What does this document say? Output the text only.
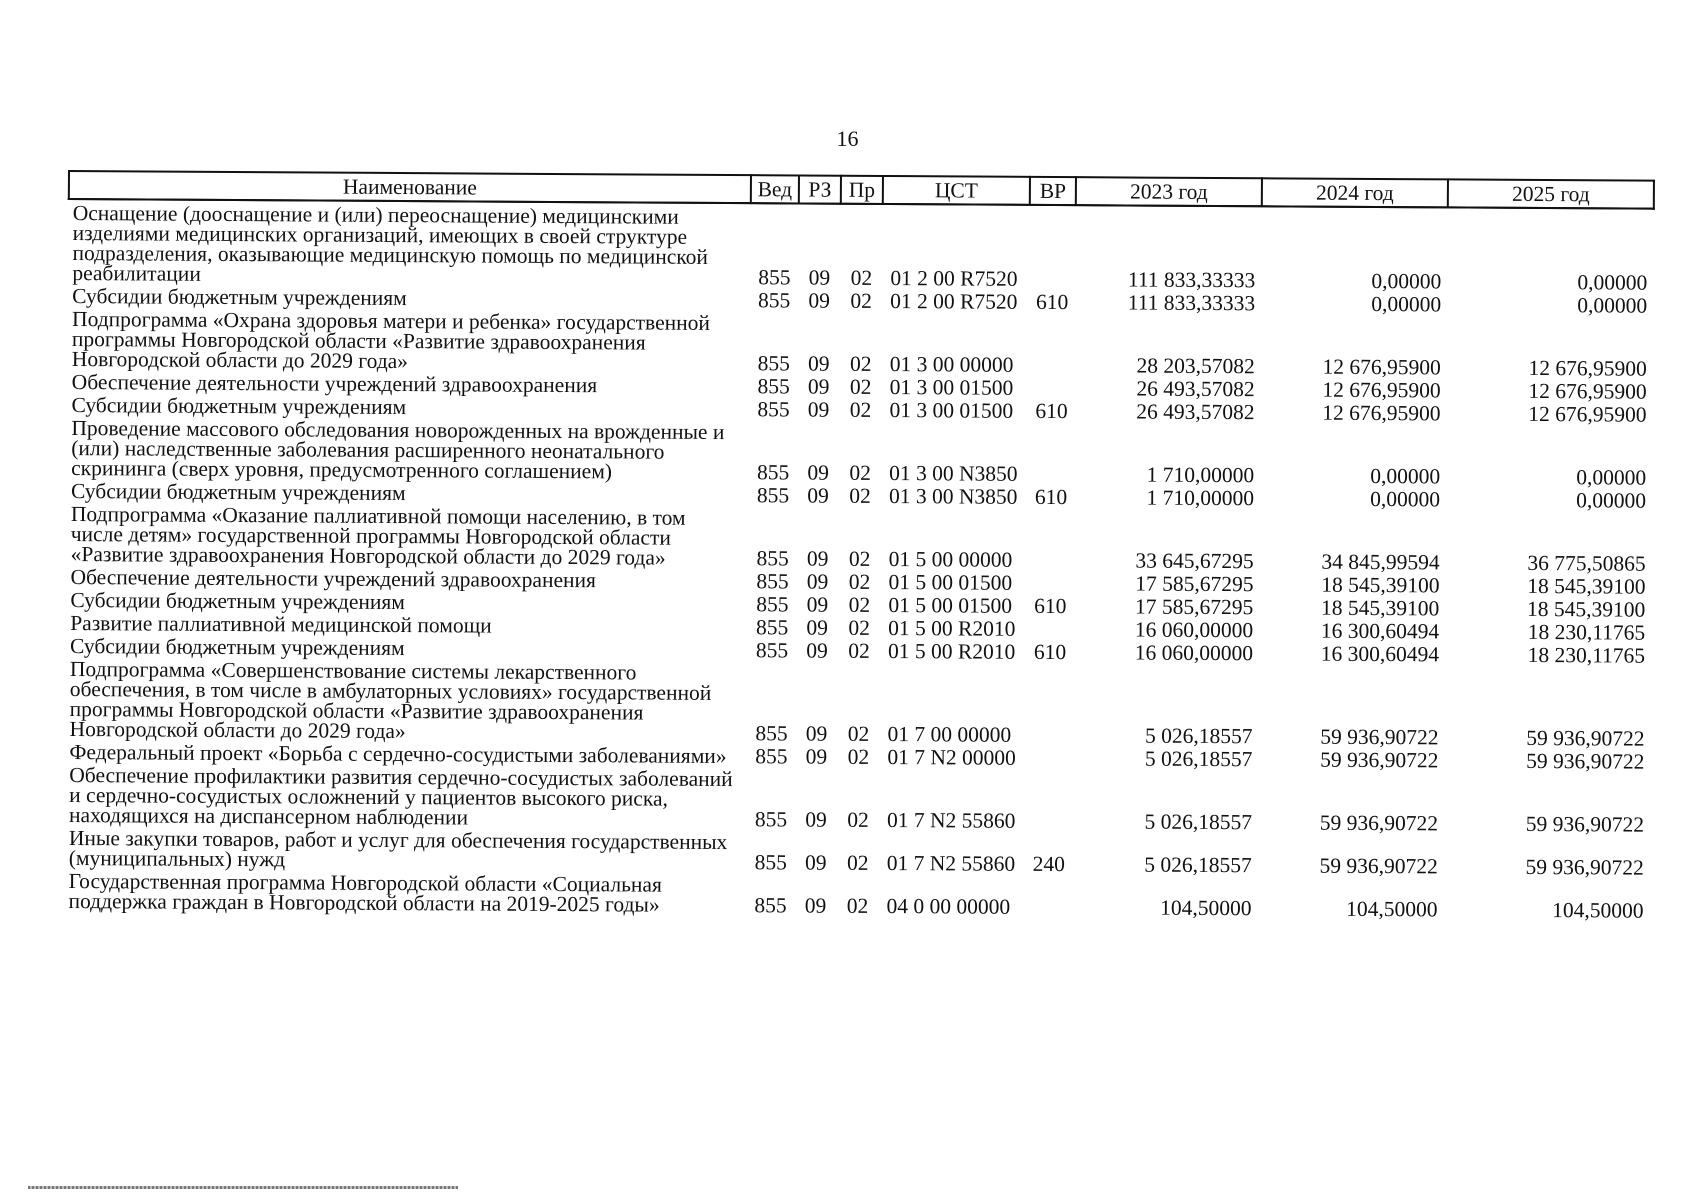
16
Наименование	Вед	РЗ	Пр	ЦСТ	ВР	2023 год	2024 год	2025 год
Оснащение (дооснащение и (или) переоснащение) медицинскими изделиями медицинских организаций, имеющих в своей структуре подразделения, оказывающие медицинскую помощь по медицинской реабилитации	855	09	02	01 2 00 R7520		111 833,33333	0,00000	0,00000
Субсидии бюджетным учреждениям	855	09	02	01 2 00 R7520	610	111 833,33333	0,00000	0,00000
Подпрограмма «Охрана здоровья матери и ребенка» государственной программы Новгородской области «Развитие здравоохранения Новгородской области до 2029 года»	855	09	02	01 3 00 00000		28 203,57082	12 676,95900	12 676,95900
Обеспечение деятельности учреждений здравоохранения	855	09	02	01 3 00 01500		26 493,57082	12 676,95900	12 676,95900
Субсидии бюджетным учреждениям	855	09	02	01 3 00 01500	610	26 493,57082	12 676,95900	12 676,95900
Проведение массового обследования новорожденных на врожденные и (или) наследственные заболевания расширенного неонатального скрининга (сверх уровня, предусмотренного соглашением)	855	09	02	01 3 00 N3850		1 710,00000	0,00000	0,00000
Субсидии бюджетным учреждениям	855	09	02	01 3 00 N3850	610	1 710,00000	0,00000	0,00000
Подпрограмма «Оказание паллиативной помощи населению, в том числе детям» государственной программы Новгородской области «Развитие здравоохранения Новгородской области до 2029 года»	855	09	02	01 5 00 00000		33 645,67295	34 845,99594	36 775,50865
Обеспечение деятельности учреждений здравоохранения	855	09	02	01 5 00 01500		17 585,67295	18 545,39100	18 545,39100
Субсидии бюджетным учреждениям	855	09	02	01 5 00 01500	610	17 585,67295	18 545,39100	18 545,39100
Развитие паллиативной медицинской помощи	855	09	02	01 5 00 R2010		16 060,00000	16 300,60494	18 230,11765
Субсидии бюджетным учреждениям	855	09	02	01 5 00 R2010	610	16 060,00000	16 300,60494	18 230,11765
Подпрограмма «Совершенствование системы лекарственного обеспечения, в том числе в амбулаторных условиях» государственной программы Новгородской области «Развитие здравоохранения Новгородской области до 2029 года»	855	09	02	01 7 00 00000		5 026,18557	59 936,90722	59 936,90722
Федеральный проект «Борьба с сердечно-сосудистыми заболеваниями»	855	09	02	01 7 N2 00000		5 026,18557	59 936,90722	59 936,90722
Обеспечение профилактики развития сердечно-сосудистых заболеваний и сердечно-сосудистых осложнений у пациентов высокого риска, находящихся на диспансерном наблюдении	855	09	02	01 7 N2 55860		5 026,18557	59 936,90722	59 936,90722
Иные закупки товаров, работ и услуг для обеспечения государственных (муниципальных) нужд	855	09	02	01 7 N2 55860	240	5 026,18557	59 936,90722	59 936,90722
Государственная программа Новгородской области «Социальная поддержка граждан в Новгородской области на 2019-2025 годы»	855	09	02	04 0 00 00000		104,50000	104,50000	104,50000
